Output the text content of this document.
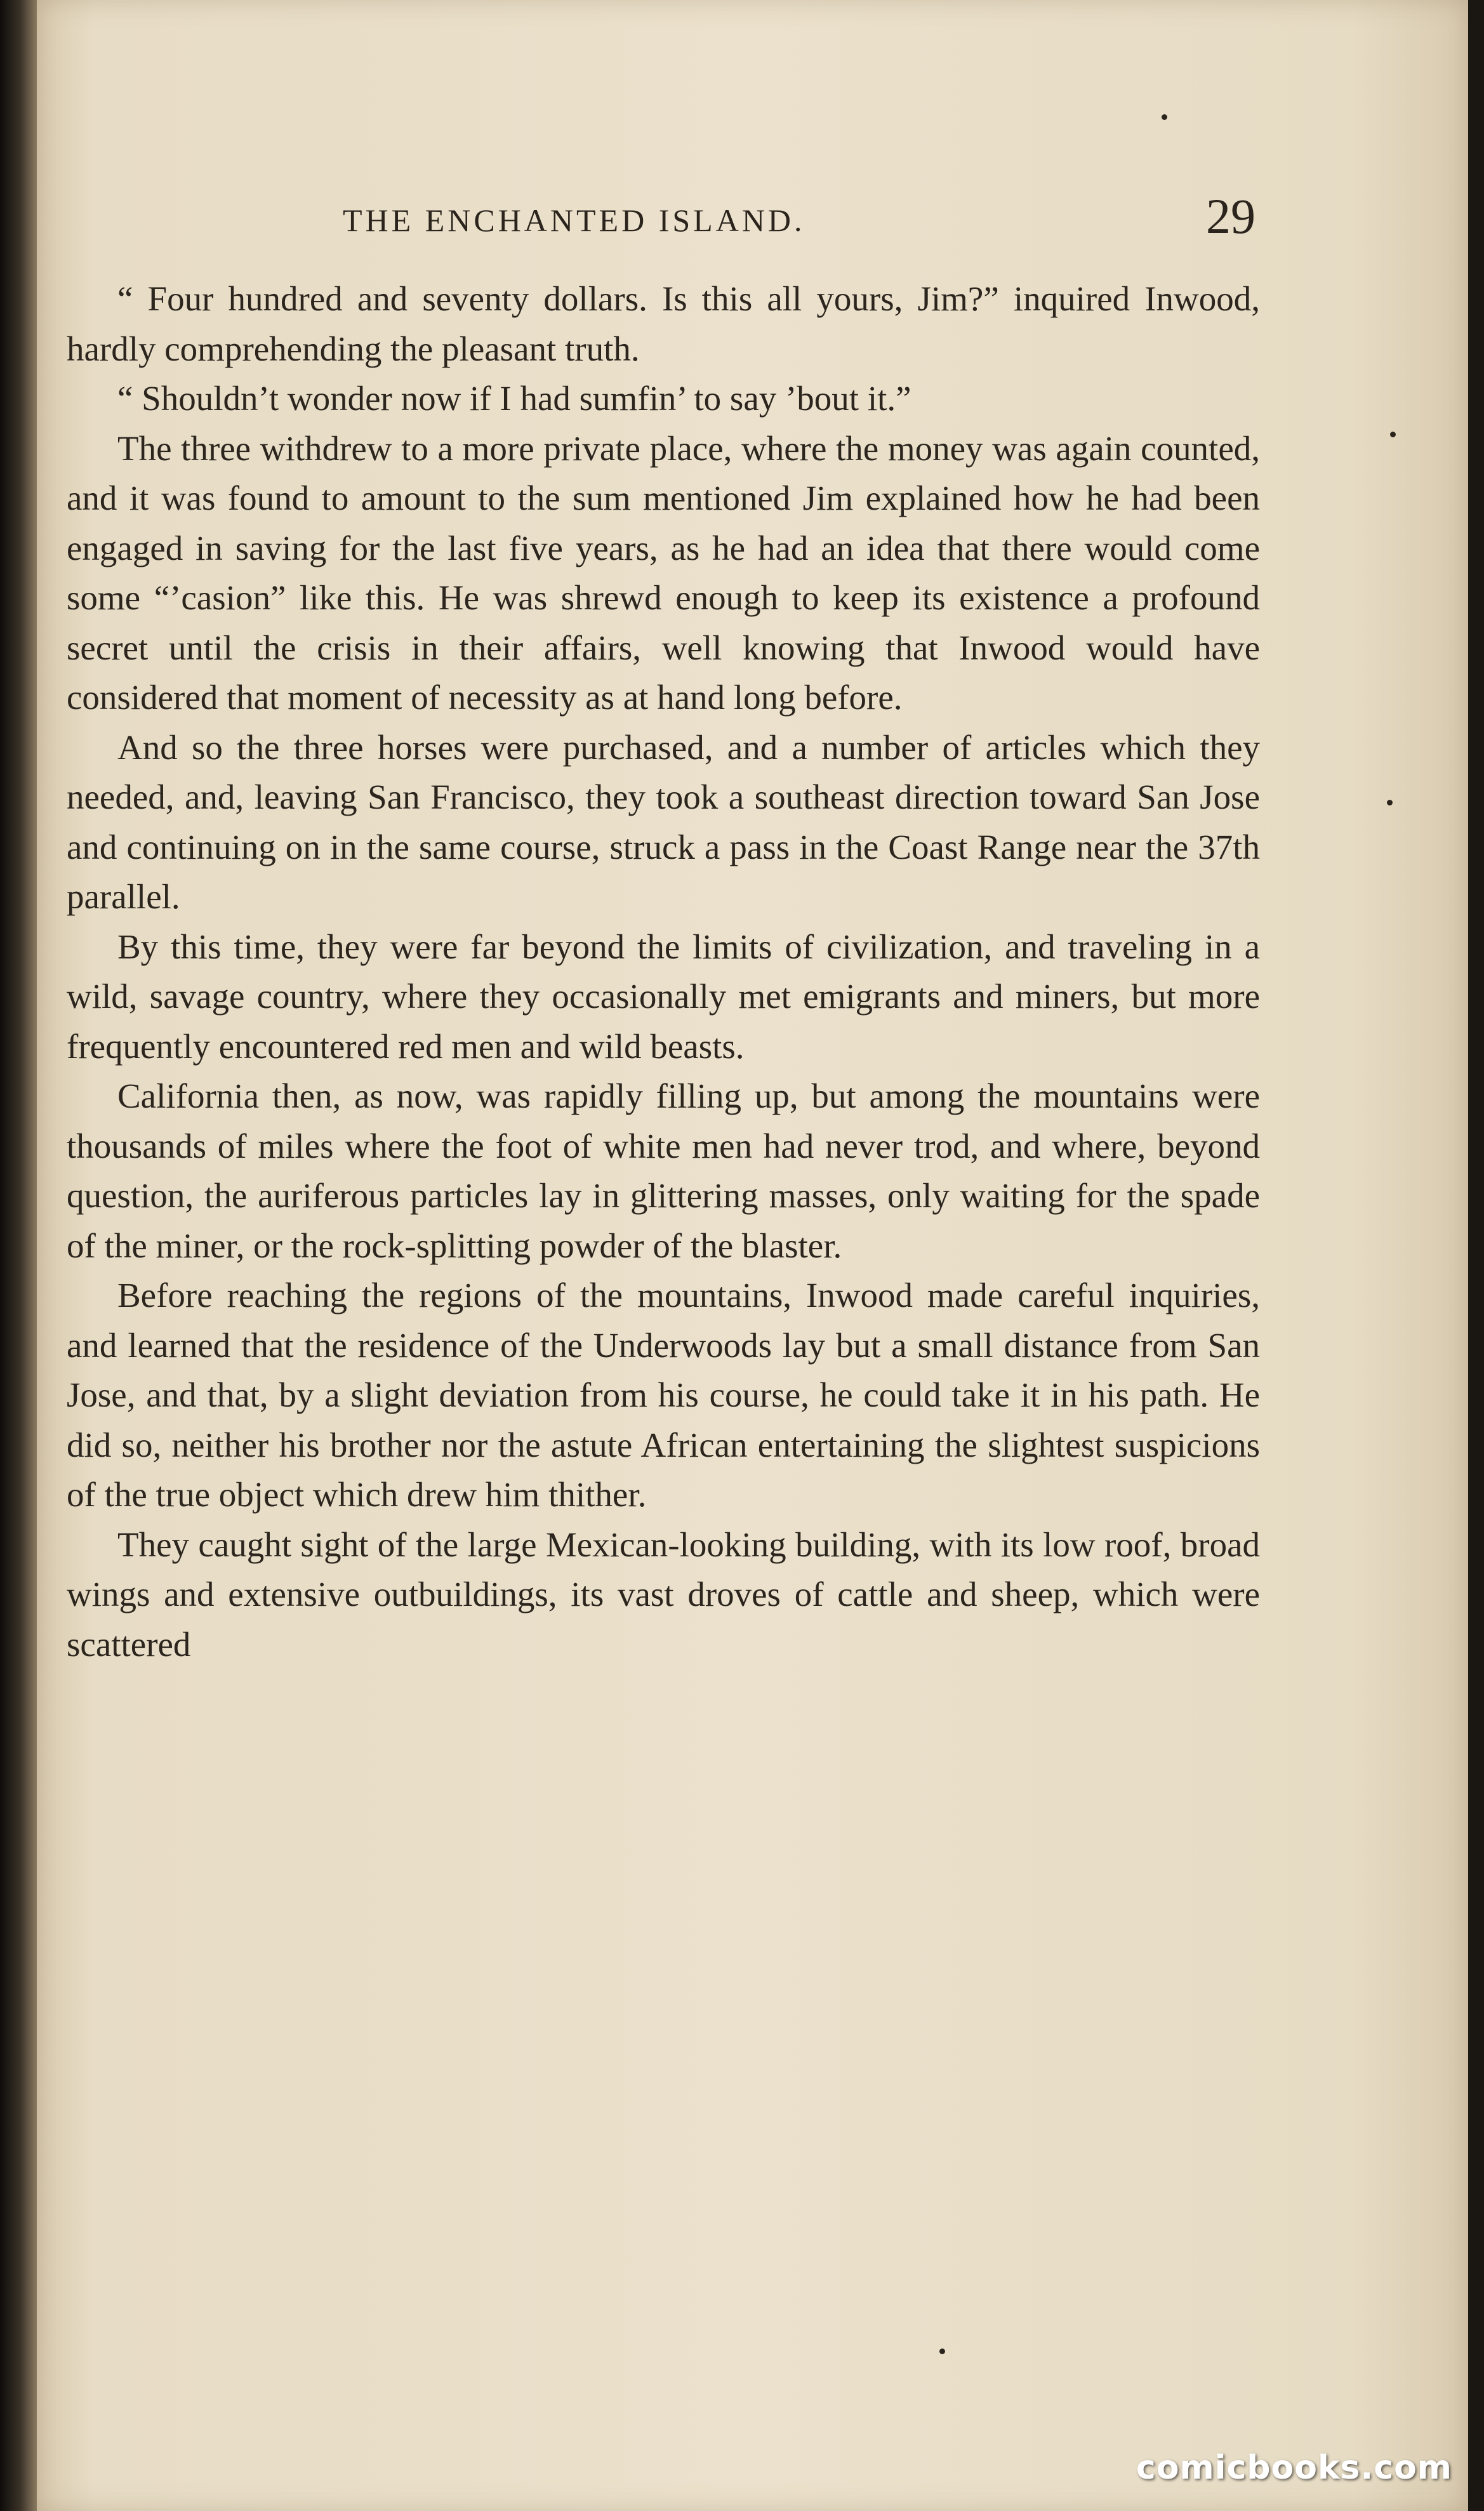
THE ENCHANTED ISLAND.	29

“ Four hundred and seventy dollars. Is this all yours, Jim?” inquired Inwood, hardly comprehending the pleasant truth.

“ Shouldn’t wonder now if I had sumfin’ to say ’bout it.”

The three withdrew to a more private place, where the money was again counted, and it was found to amount to the sum mentioned Jim explained how he had been engaged in saving for the last five years, as he had an idea that there would come some “’casion” like this. He was shrewd enough to keep its existence a profound secret until the crisis in their affairs, well knowing that Inwood would have considered that moment of necessity as at hand long before.

And so the three horses were purchased, and a number of articles which they needed, and, leaving San Francisco, they took a southeast direction toward San Jose and continuing on in the same course, struck a pass in the Coast Range near the 37th parallel.

By this time, they were far beyond the limits of civilization, and traveling in a wild, savage country, where they occasionally met emigrants and miners, but more frequently encountered red men and wild beasts.

California then, as now, was rapidly filling up, but among the mountains were thousands of miles where the foot of white men had never trod, and where, beyond question, the auriferous particles lay in glittering masses, only waiting for the spade of the miner, or the rock-splitting powder of the blaster.

Before reaching the regions of the mountains, Inwood made careful inquiries, and learned that the residence of the Underwoods lay but a small distance from San Jose, and that, by a slight deviation from his course, he could take it in his path. He did so, neither his brother nor the astute African entertaining the slightest suspicions of the true object which drew him thither.

They caught sight of the large Mexican-looking building, with its low roof, broad wings and extensive outbuildings, its vast droves of cattle and sheep, which were scattered

comicbooks.com
